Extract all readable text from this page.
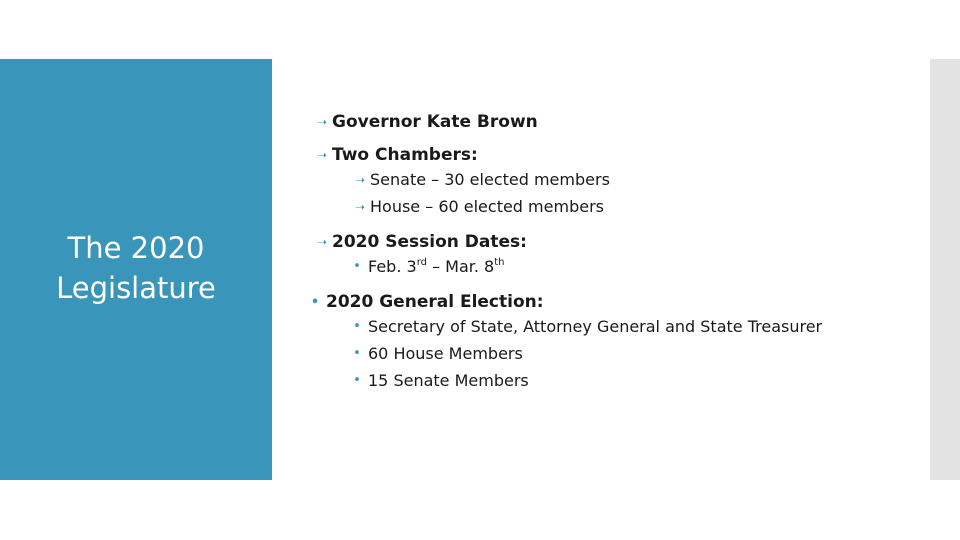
The 2020
Legislature
➝ Governor Kate Brown
➝ Two Chambers:
➝ Senate – 30 elected members
➝ House – 60 elected members
➝ 2020 Session Dates:
• Feb. 3rd – Mar. 8th
• 2020 General Election:
• Secretary of State, Attorney General and State Treasurer
• 60 House Members
• 15 Senate Members
